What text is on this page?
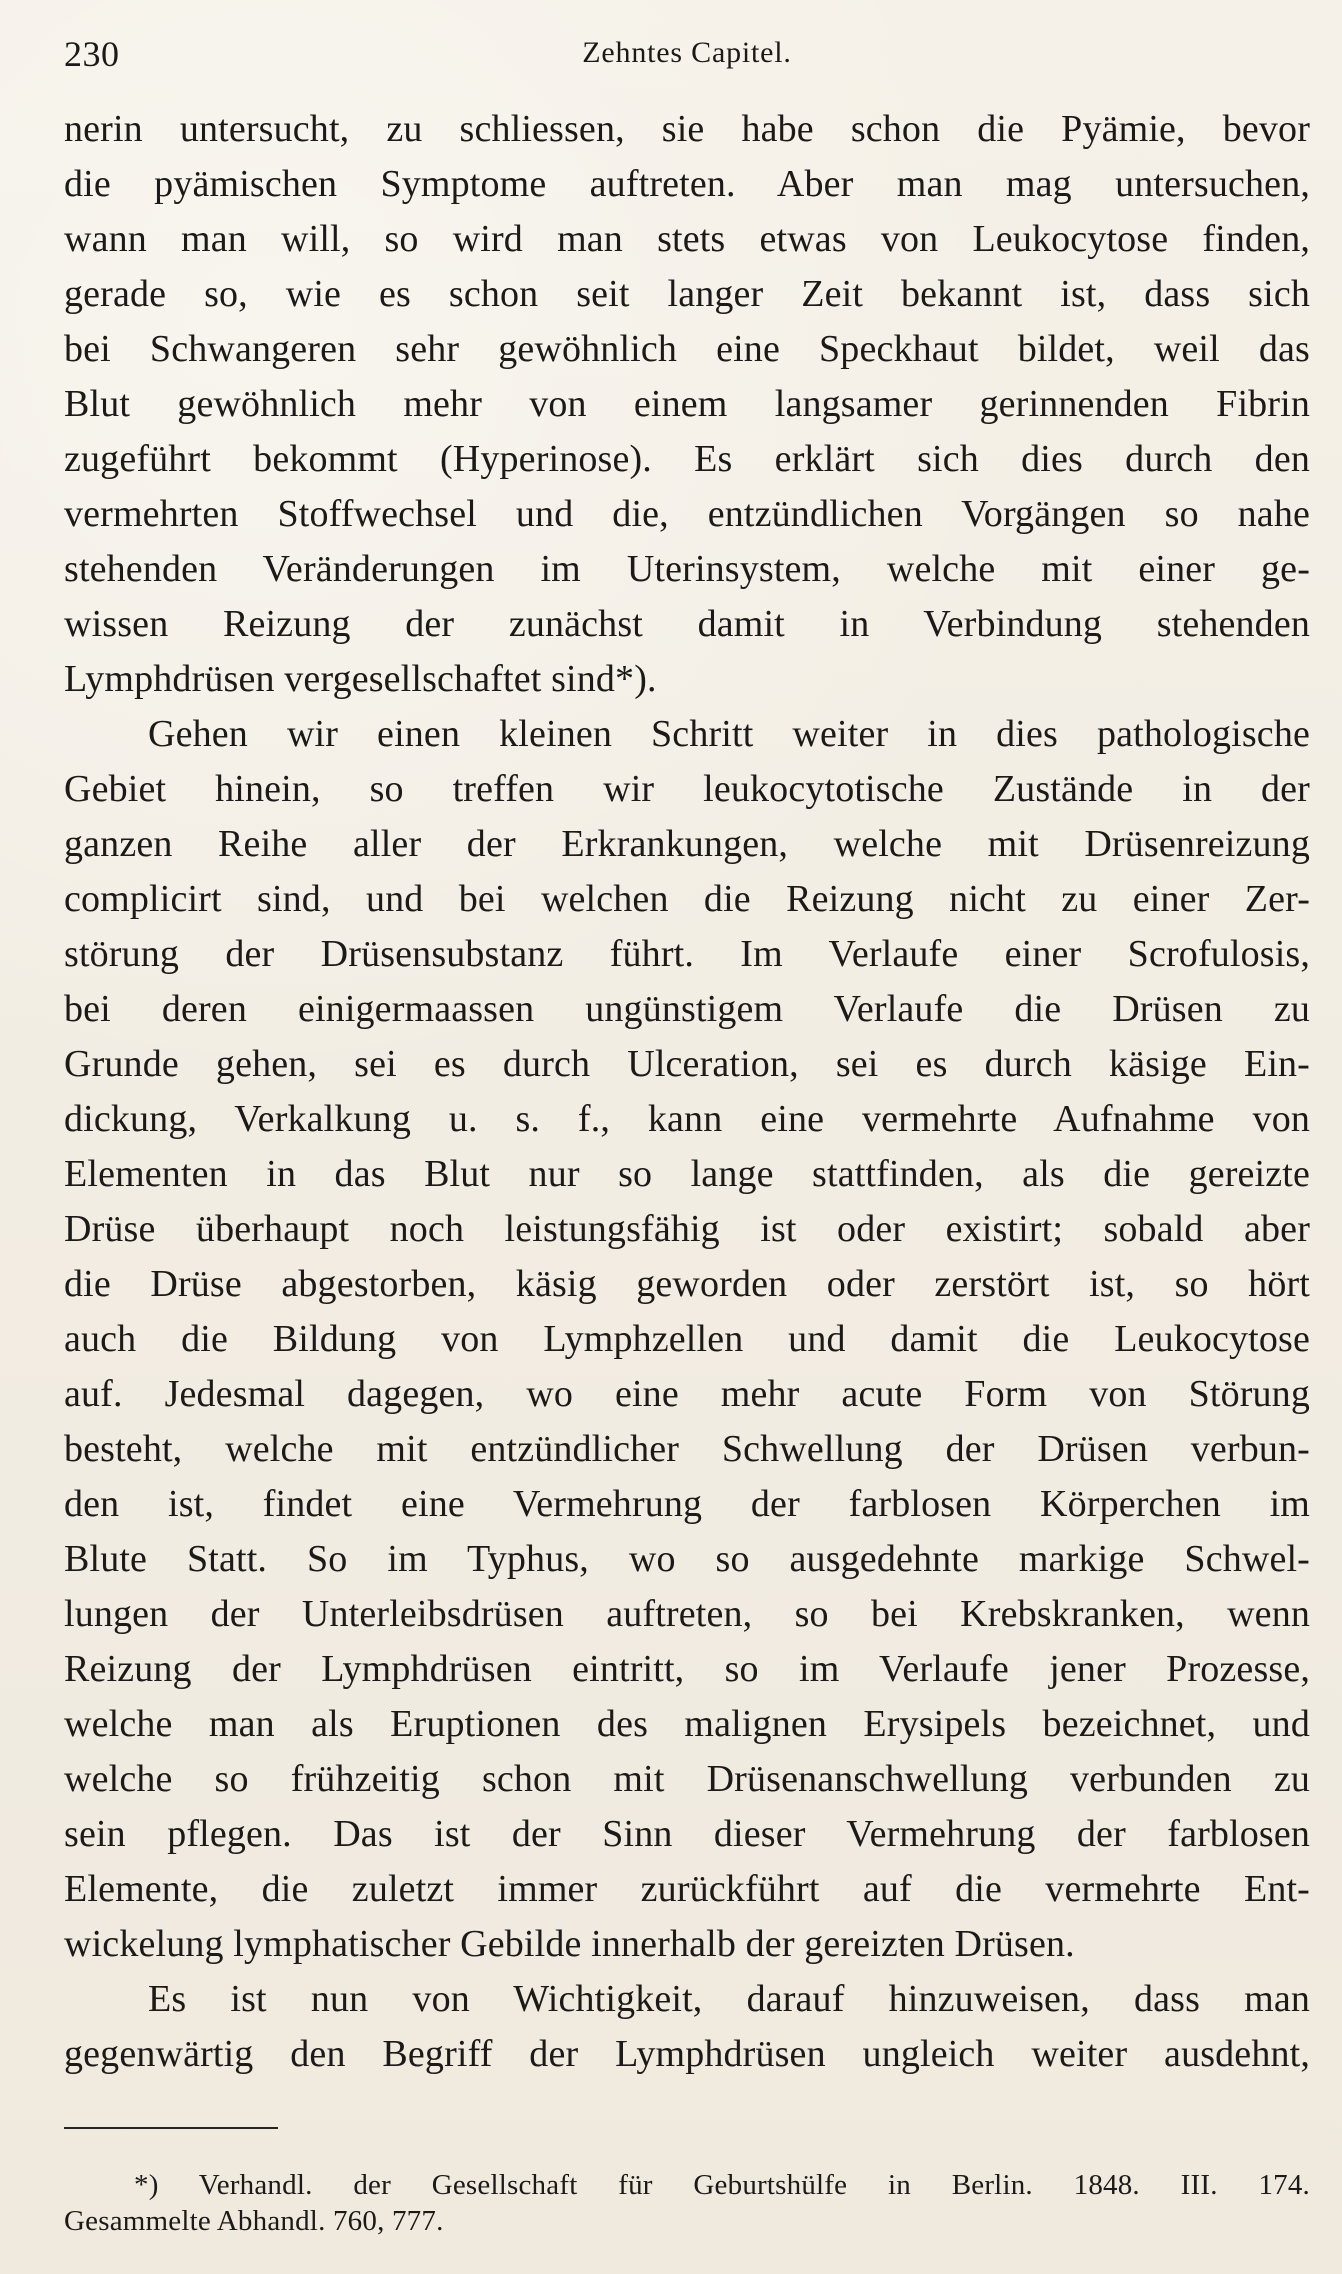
230	Zehntes Capitel.
nerin untersucht, zu schliessen, sie habe schon die Pyämie, bevor
die pyämischen Symptome auftreten. Aber man mag untersuchen,
wann man will, so wird man stets etwas von Leukocytose finden,
gerade so, wie es schon seit langer Zeit bekannt ist, dass sich
bei Schwangeren sehr gewöhnlich eine Speckhaut bildet, weil das
Blut gewöhnlich mehr von einem langsamer gerinnenden Fibrin
zugeführt bekommt (Hyperinose). Es erklärt sich dies durch den
vermehrten Stoffwechsel und die, entzündlichen Vorgängen so nahe
stehenden Veränderungen im Uterinsystem, welche mit einer ge-
wissen Reizung der zunächst damit in Verbindung stehenden
Lymphdrüsen vergesellschaftet sind*).
Gehen wir einen kleinen Schritt weiter in dies pathologische
Gebiet hinein, so treffen wir leukocytotische Zustände in der
ganzen Reihe aller der Erkrankungen, welche mit Drüsenreizung
complicirt sind, und bei welchen die Reizung nicht zu einer Zer-
störung der Drüsensubstanz führt. Im Verlaufe einer Scrofulosis,
bei deren einigermaassen ungünstigem Verlaufe die Drüsen zu
Grunde gehen, sei es durch Ulceration, sei es durch käsige Ein-
dickung, Verkalkung u. s. f., kann eine vermehrte Aufnahme von
Elementen in das Blut nur so lange stattfinden, als die gereizte
Drüse überhaupt noch leistungsfähig ist oder existirt; sobald aber
die Drüse abgestorben, käsig geworden oder zerstört ist, so hört
auch die Bildung von Lymphzellen und damit die Leukocytose
auf. Jedesmal dagegen, wo eine mehr acute Form von Störung
besteht, welche mit entzündlicher Schwellung der Drüsen verbun-
den ist, findet eine Vermehrung der farblosen Körperchen im
Blute Statt. So im Typhus, wo so ausgedehnte markige Schwel-
lungen der Unterleibsdrüsen auftreten, so bei Krebskranken, wenn
Reizung der Lymphdrüsen eintritt, so im Verlaufe jener Prozesse,
welche man als Eruptionen des malignen Erysipels bezeichnet, und
welche so frühzeitig schon mit Drüsenanschwellung verbunden zu
sein pflegen. Das ist der Sinn dieser Vermehrung der farblosen
Elemente, die zuletzt immer zurückführt auf die vermehrte Ent-
wickelung lymphatischer Gebilde innerhalb der gereizten Drüsen.
Es ist nun von Wichtigkeit, darauf hinzuweisen, dass man
gegenwärtig den Begriff der Lymphdrüsen ungleich weiter ausdehnt,
*) Verhandl. der Gesellschaft für Geburtshülfe in Berlin. 1848. III. 174.
Gesammelte Abhandl. 760, 777.
